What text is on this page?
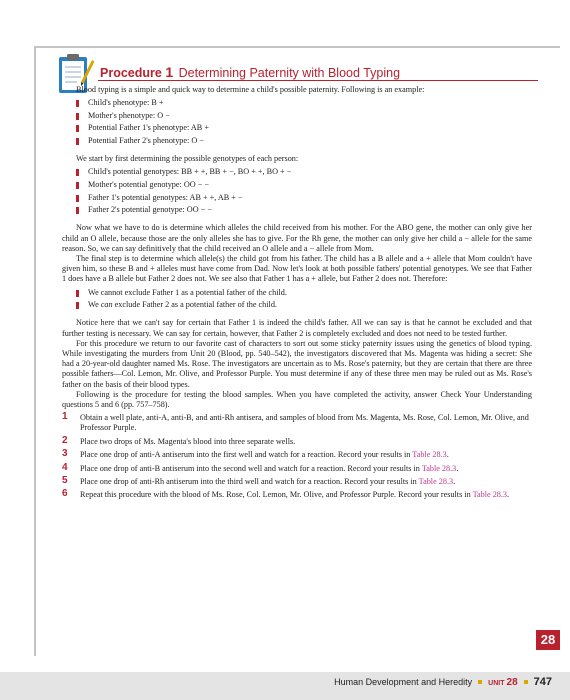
Procedure 1 Determining Paternity with Blood Typing

Blood typing is a simple and quick way to determine a child's possible paternity. Following is an example:

Child's phenotype: B +
Mother's phenotype: O −
Potential Father 1's phenotype: AB +
Potential Father 2's phenotype: O −

We start by first determining the possible genotypes of each person:

Child's potential genotypes: BB + +, BB + −, BO + +, BO + −
Mother's potential genotype: OO − −
Father 1's potential genotypes: AB + +, AB + −
Father 2's potential genotype: OO − −

Now what we have to do is determine which alleles the child received from his mother. For the ABO gene, the mother can only give her child an O allele, because those are the only alleles she has to give. For the Rh gene, the mother can only give her child a − allele for the same reason. So, we can say definitively that the child received an O allele and a − allele from Mom.

The final step is to determine which allele(s) the child got from his father. The child has a B allele and a + allele that Mom couldn't have given him, so these B and + alleles must have come from Dad. Now let's look at both possible fathers' potential genotypes. We see that Father 1 does have a B allele but Father 2 does not. We see also that Father 1 has a + allele, but Father 2 does not. Therefore:

We cannot exclude Father 1 as a potential father of the child.
We can exclude Father 2 as a potential father of the child.

Notice here that we can't say for certain that Father 1 is indeed the child's father. All we can say is that he cannot be excluded and that further testing is necessary. We can say for certain, however, that Father 2 is completely excluded and does not need to be tested further.

For this procedure we return to our favorite cast of characters to sort out some sticky paternity issues using the genetics of blood typing. While investigating the murders from Unit 20 (Blood, pp. 540–542), the investigators discovered that Ms. Magenta was hiding a secret: She had a 20-year-old daughter named Ms. Rose. The investigators are uncertain as to Ms. Rose's paternity, but they are certain that there are three possible fathers—Col. Lemon, Mr. Olive, and Professor Purple. You must determine if any of these three men may be ruled out as Ms. Rose's father on the basis of their blood types.

Following is the procedure for testing the blood samples. When you have completed the activity, answer Check Your Understanding questions 5 and 6 (pp. 757–758).

1 Obtain a well plate, anti-A, anti-B, and anti-Rh antisera, and samples of blood from Ms. Magenta, Ms. Rose, Col. Lemon, Mr. Olive, and Professor Purple.
2 Place two drops of Ms. Magenta's blood into three separate wells.
3 Place one drop of anti-A antiserum into the first well and watch for a reaction. Record your results in Table 28.3.
4 Place one drop of anti-B antiserum into the second well and watch for a reaction. Record your results in Table 28.3.
5 Place one drop of anti-Rh antiserum into the third well and watch for a reaction. Record your results in Table 28.3.
6 Repeat this procedure with the blood of Ms. Rose, Col. Lemon, Mr. Olive, and Professor Purple. Record your results in Table 28.3.
28
Human Development and Heredity UNIT 28 747
